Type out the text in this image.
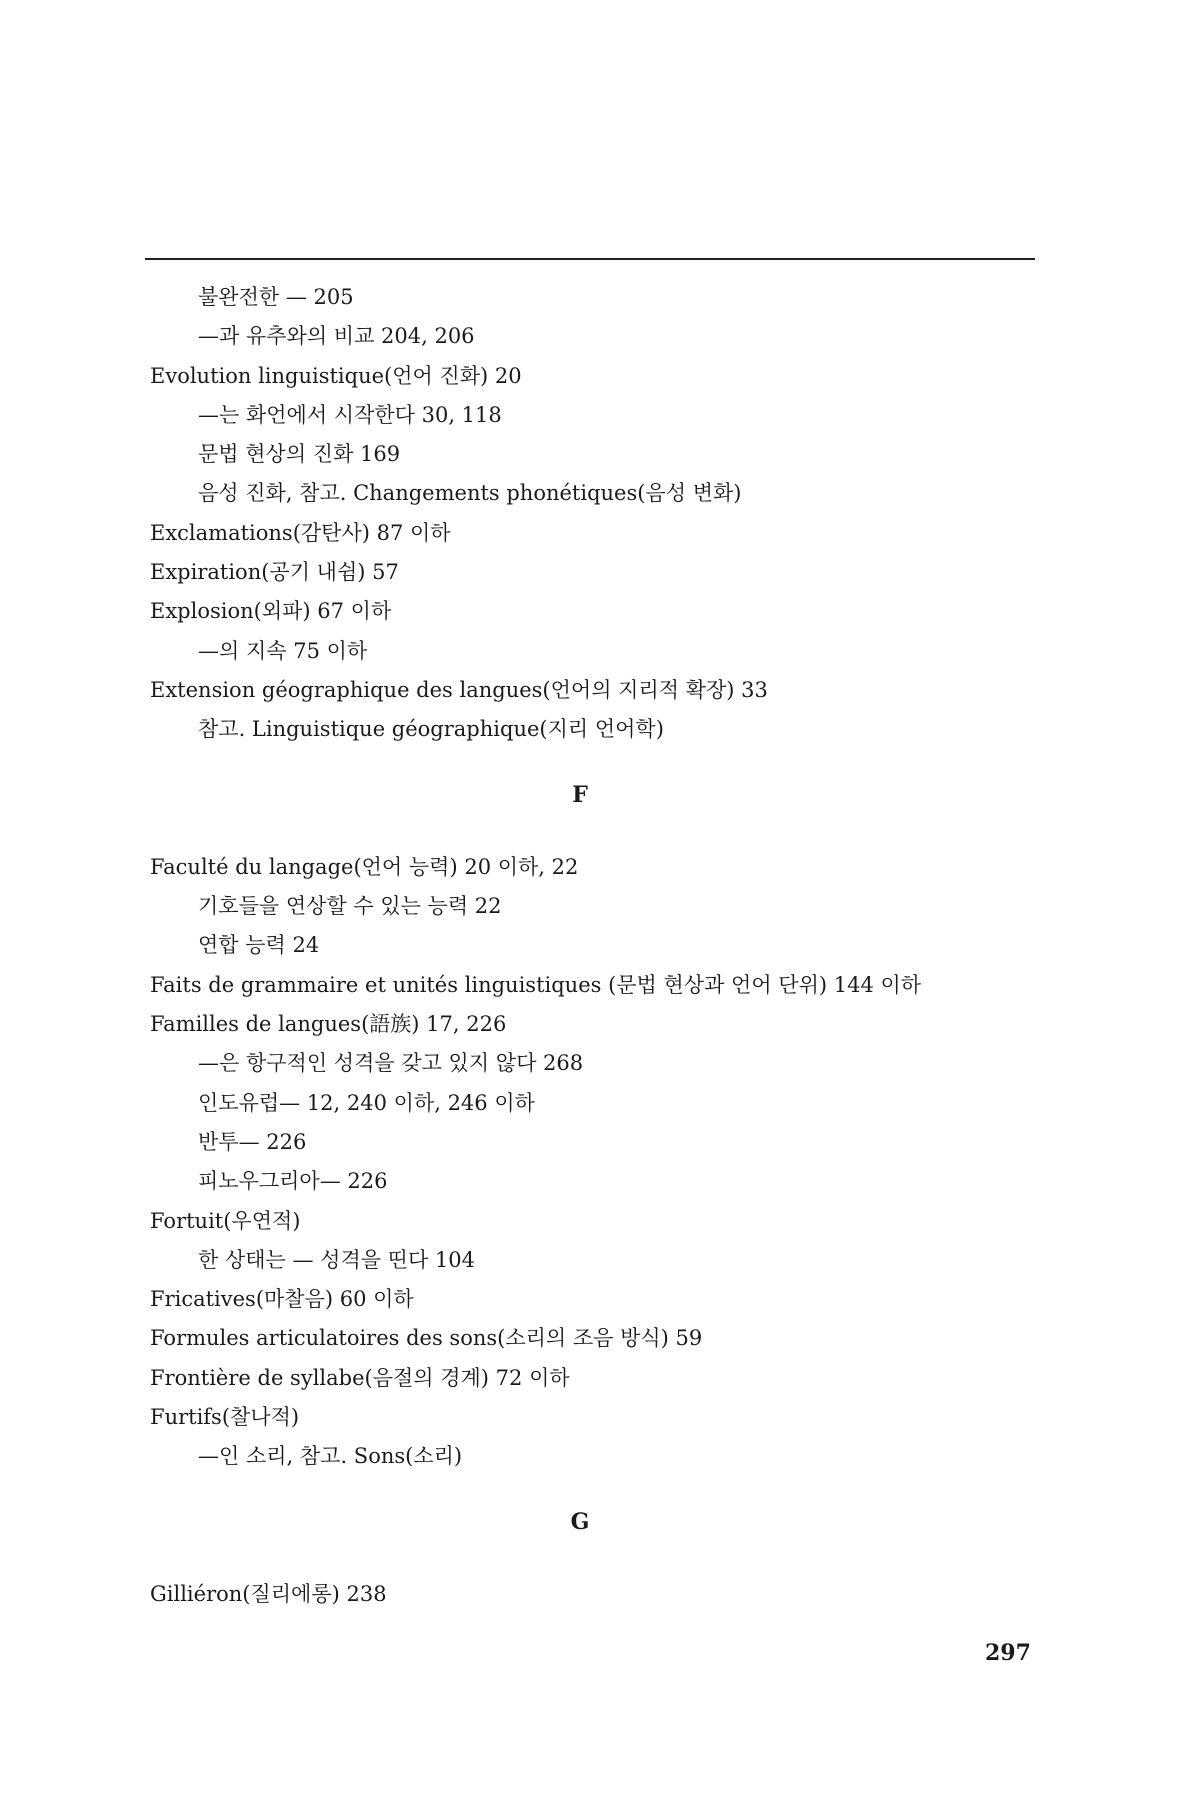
불완전한 — 205
—과 유추와의 비교 204, 206
Evolution linguistique(언어 진화) 20
—는 화언에서 시작한다 30, 118
문법 현상의 진화 169
음성 진화, 참고. Changements phonétiques(음성 변화)
Exclamations(감탄사) 87 이하
Expiration(공기 내쉼) 57
Explosion(외파) 67 이하
—의 지속 75 이하
Extension géographique des langues(언어의 지리적 확장) 33
참고. Linguistique géographique(지리 언어학)
F
Faculté du langage(언어 능력) 20 이하, 22
기호들을 연상할 수 있는 능력 22
연합 능력 24
Faits de grammaire et unités linguistiques (문법 현상과 언어 단위) 144 이하
Familles de langues(語族) 17, 226
—은 항구적인 성격을 갖고 있지 않다 268
인도유럽— 12, 240 이하, 246 이하
반투— 226
피노우그리아— 226
Fortuit(우연적)
한 상태는 — 성격을 띤다 104
Fricatives(마찰음) 60 이하
Formules articulatoires des sons(소리의 조음 방식) 59
Frontière de syllabe(음절의 경계) 72 이하
Furtifs(찰나적)
—인 소리, 참고. Sons(소리)
G
Gilliéron(질리에롱) 238
297
